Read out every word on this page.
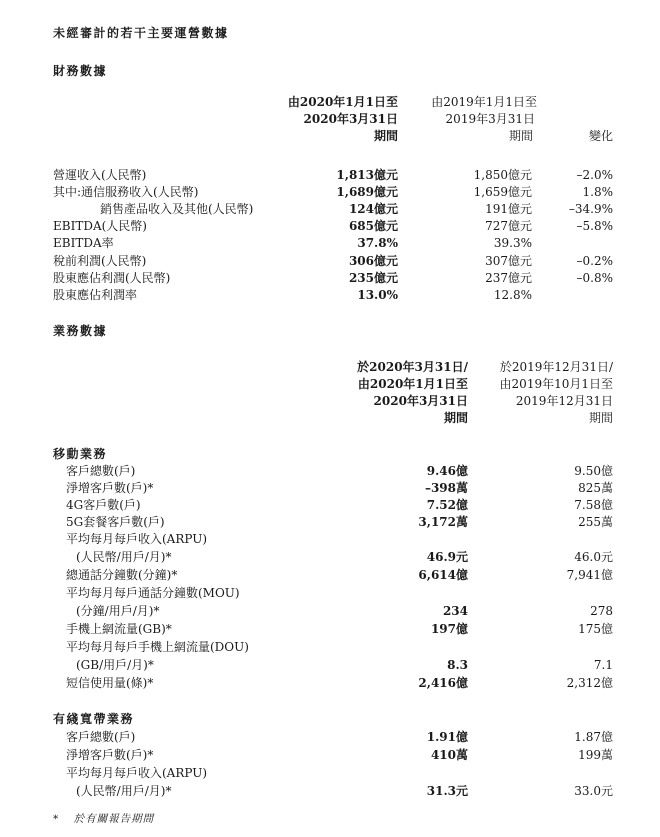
未經審計的若干主要運營數據
財務數據
由2020年1月1日至
2020年3月31日
期間
由2019年1月1日至
2019年3月31日
期間	變化
營運收入(人民幣)	1,813億元	1,850億元	–2.0%
其中:通信服務收入(人民幣)	1,689億元	1,659億元	1.8%
銷售產品收入及其他(人民幣)	124億元	191億元	–34.9%
EBITDA(人民幣)	685億元	727億元	–5.8%
EBITDA率	37.8%	39.3%
稅前利潤(人民幣)	306億元	307億元	–0.2%
股東應佔利潤(人民幣)	235億元	237億元	–0.8%
股東應佔利潤率	13.0%	12.8%
業務數據
於2020年3月31日/
由2020年1月1日至
2020年3月31日
期間
於2019年12月31日/
由2019年10月1日至
2019年12月31日
期間
移動業務
客戶總數(戶)	9.46億	9.50億
淨增客戶數(戶)*	–398萬	825萬
4G客戶數(戶)	7.52億	7.58億
5G套餐客戶數(戶)	3,172萬	255萬
平均每月每戶收入(ARPU)
(人民幣/用戶/月)*	46.9元	46.0元
總通話分鐘數(分鐘)*	6,614億	7,941億
平均每月每戶通話分鐘數(MOU)
(分鐘/用戶/月)*	234	278
手機上網流量(GB)*	197億	175億
平均每月每戶手機上網流量(DOU)
(GB/用戶/月)*	8.3	7.1
短信使用量(條)*	2,416億	2,312億
有綫寬帶業務
客戶總數(戶)	1.91億	1.87億
淨增客戶數(戶)*	410萬	199萬
平均每月每戶收入(ARPU)
(人民幣/用戶/月)*	31.3元	33.0元
* 於有關報告期間
